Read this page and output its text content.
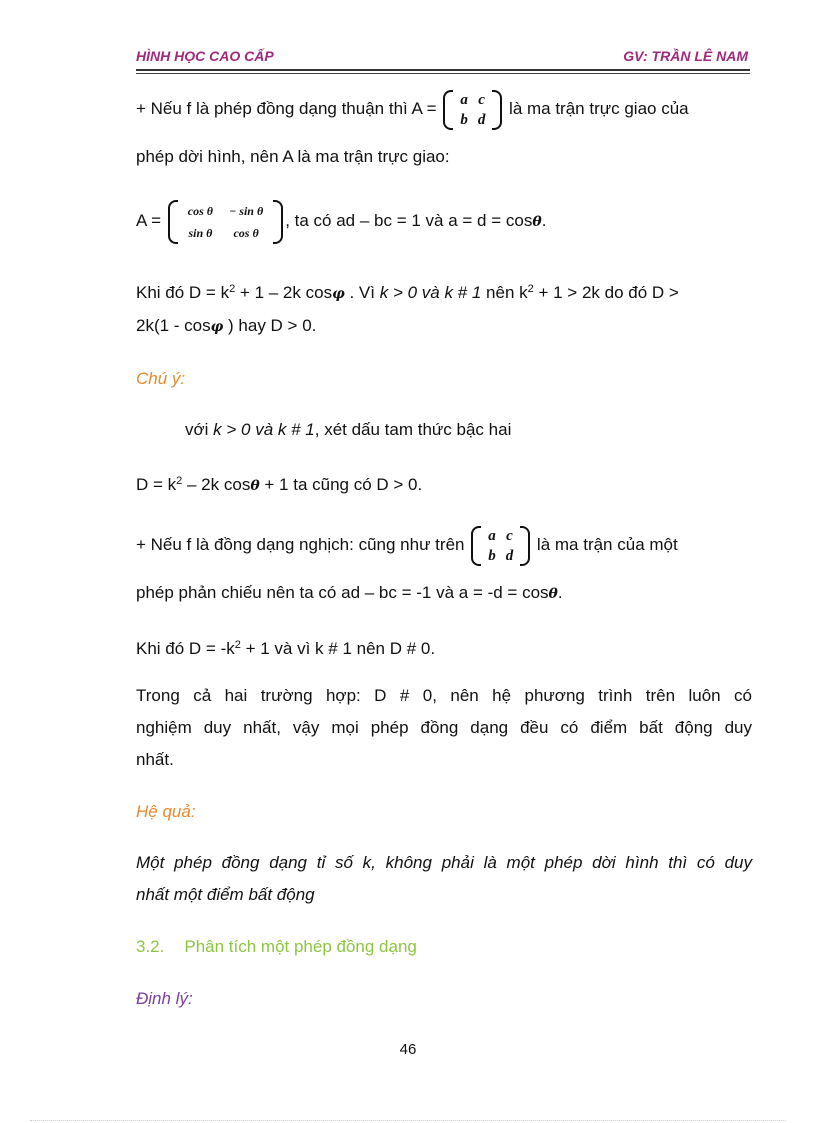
HÌNH HỌC CAO CẤP	GV: TRẦN LÊ NAM
+ Nếu f là phép đồng dạng thuận thì A = a	c
b	d
là ma trận trực giao của
phép dời hình, nên A là ma trận trực giao:
A =
cos θ	− sin θ
sin θ	cos θ
, ta có ad – bc = 1 và a = d = cosθ.
Khi đó $D = k^2 + 1 - 2k$ cosφ . Vì k > 0 và k # 1 nên $k^2 + 1 > 2k$ do đó D >
2k(1 - cosφ ) hay D > 0.
Chú ý:
với k > 0 và k # 1, xét dấu tam thức bậc hai
$D = k^2 - 2k$ cosθ + 1 ta cũng có D > 0.
+ Nếu f là đồng dạng nghịch: cũng như trên a	c
b	d
là ma trận của một
phép phản chiếu nên ta có ad – bc = -1 và a = -d = cosθ.
Khi đó $D = -k^2 + 1$ và vì k # 1 nên D # 0.
Trong cả hai trường hợp: D # 0, nên hệ phương trình trên luôn có
nghiệm duy nhất, vậy mọi phép đồng dạng đều có điểm bất động duy
nhất.
Hệ quả:
Một phép đồng dạng tỉ số k, không phải là một phép dời hình thì có duy
nhất một điểm bất động
3.2. Phân tích một phép đồng dạng
Định lý:
46
